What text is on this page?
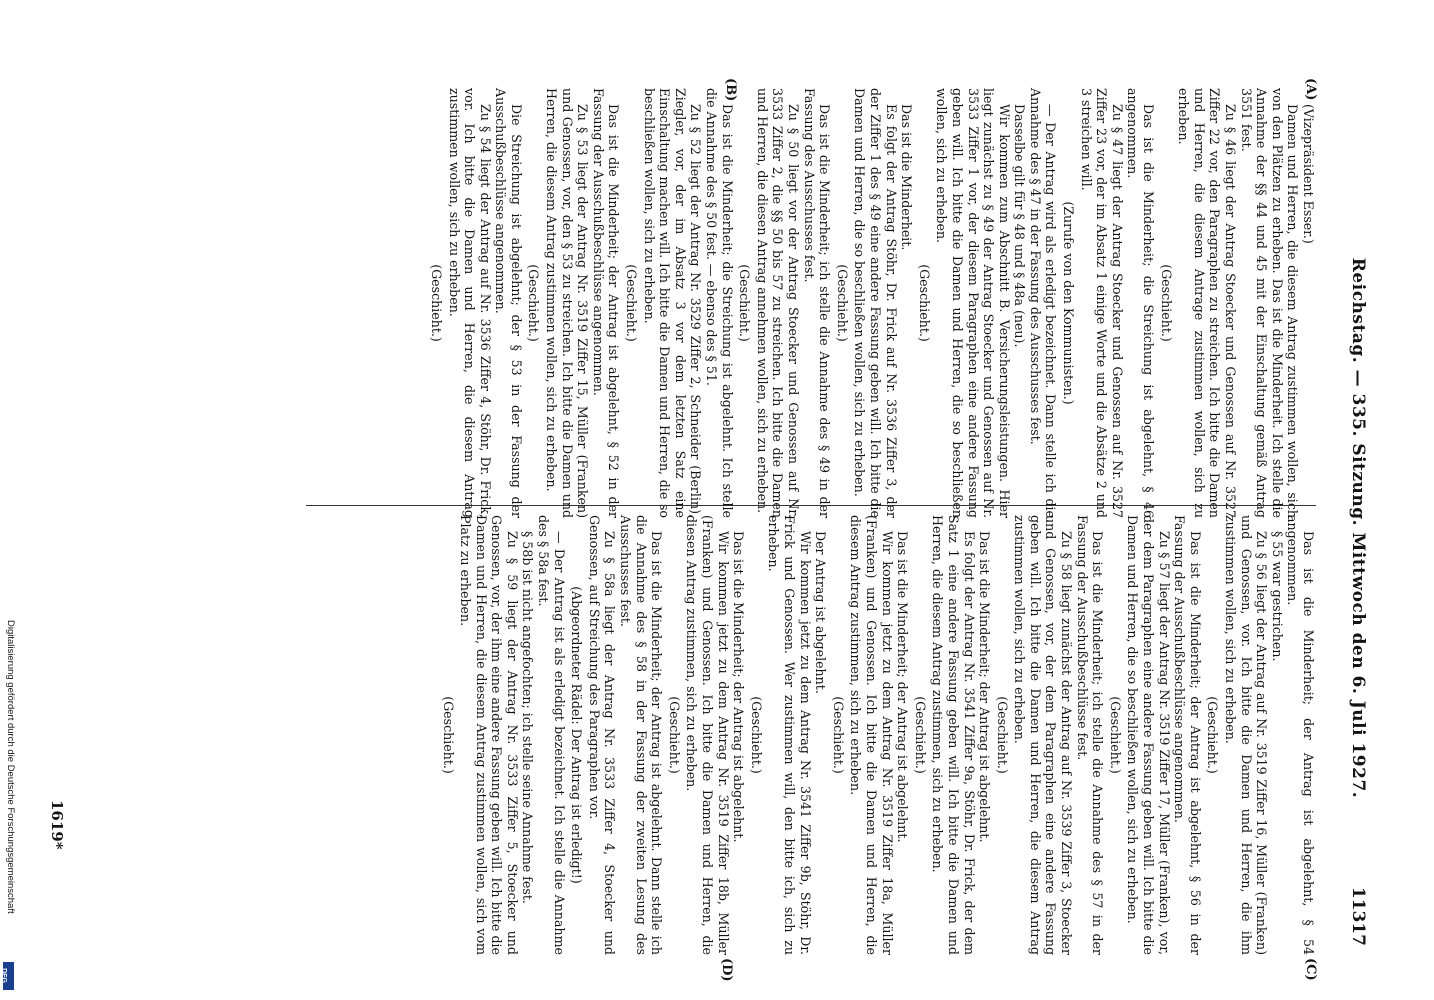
Digitalisierung gefördert durch die Deutsche Forschungsgemeinschaft
DFG
Reichstag. — 335. Sitzung. Mittwoch den 6. Juli 1927.
11317
(A)
(B)
(C)
(D)

(Vizepräsident Esser.)

Damen und Herren, die diesem Antrag zustimmen wollen, sich von den Plätzen zu erheben. Das ist die Minderheit. Ich stelle die Annahme der §§ 44 und 45 mit der Einschaltung gemäß Antrag 3551 fest.

Zu § 46 liegt der Antrag Stoecker und Genossen auf Nr. 3527 Ziffer 22 vor, den Paragraphen zu streichen. Ich bitte die Damen und Herren, die diesem Antrage zustimmen wollen, sich zu erheben.

(Geschieht.)

Das ist die Minderheit; die Streichung ist abgelehnt, § 46 angenommen.

Zu § 47 liegt der Antrag Stoecker und Genossen auf Nr. 3527 Ziffer 23 vor, der im Absatz 1 einige Worte und die Absätze 2 und 3 streichen will.

(Zurufe von den Kommunisten.)

— Der Antrag wird als erledigt bezeichnet. Dann stelle ich die Annahme des § 47 in der Fassung des Ausschusses fest.

Dasselbe gilt für § 48 und § 48a (neu).

Wir kommen zum Abschnitt B. Versicherungsleistungen. Hier liegt zunächst zu § 49 der Antrag Stoecker und Genossen auf Nr. 3533 Ziffer 1 vor, der diesem Paragraphen eine andere Fassung geben will. Ich bitte die Damen und Herren, die so beschließen wollen, sich zu erheben.

(Geschieht.)

Das ist die Minderheit.

Es folgt der Antrag Stöhr, Dr. Frick auf Nr. 3536 Ziffer 3, der der Ziffer 1 des § 49 eine andere Fassung geben will. Ich bitte die Damen und Herren, die so beschließen wollen, sich zu erheben.

(Geschieht.)

Das ist die Minderheit; ich stelle die Annahme des § 49 in der Fassung des Ausschusses fest.

Zu § 50 liegt vor der Antrag Stoecker und Genossen auf Nr. 3533 Ziffer 2, die §§ 50 bis 57 zu streichen. Ich bitte die Damen und Herren, die diesen Antrag annehmen wollen, sich zu erheben.

(Geschieht.)

Das ist die Minderheit; die Streichung ist abgelehnt. Ich stelle die Annahme des § 50 fest. — ebenso des § 51.

Zu § 52 liegt der Antrag Nr. 3529 Ziffer 2, Schneider (Berlin), Ziegler, vor, der im Absatz 3 vor dem letzten Satz eine Einschaltung machen will. Ich bitte die Damen und Herren, die so beschließen wollen, sich zu erheben.

(Geschieht.)

Das ist die Minderheit; der Antrag ist abgelehnt, § 52 in der Fassung der Ausschußbeschlüsse angenommen.

Zu § 53 liegt der Antrag Nr. 3519 Ziffer 15, Müller (Franken) und Genossen, vor, den § 53 zu streichen. Ich bitte die Damen und Herren, die diesem Antrag zustimmen wollen, sich zu erheben.

(Geschieht.)

Die Streichung ist abgelehnt; der § 53 in der Fassung der Ausschußbeschlüsse angenommen.

Zu § 54 liegt der Antrag auf Nr. 3536 Ziffer 4, Stöhr, Dr. Frick, vor. Ich bitte die Damen und Herren, die diesem Antrag zustimmen wollen, sich zu erheben.

(Geschieht.)

Das ist die Minderheit; der Antrag ist abgelehnt, § 54 angenommen.

§ 55 war gestrichen.

Zu § 56 liegt der Antrag auf Nr. 3519 Ziffer 16, Müller (Franken) und Genossen, vor. Ich bitte die Damen und Herren, die ihm zustimmen wollen, sich zu erheben.

(Geschieht.)

Das ist die Minderheit; der Antrag ist abgelehnt, § 56 in der Fassung der Ausschußbeschlüsse angenommen.

Zu § 57 liegt der Antrag Nr. 3519 Ziffer 17, Müller (Franken), vor, der dem Paragraphen eine andere Fassung geben will. Ich bitte die Damen und Herren, die so beschließen wollen, sich zu erheben.

(Geschieht.)

Das ist die Minderheit; ich stelle die Annahme des § 57 in der Fassung der Ausschußbeschlüsse fest.

Zu § 58 liegt zunächst der Antrag auf Nr. 3539 Ziffer 3, Stoecker und Genossen, vor, der dem Paragraphen eine andere Fassung geben will. Ich bitte die Damen und Herren, die diesem Antrag zustimmen wollen, sich zu erheben.

(Geschieht.)

Das ist die Minderheit; der Antrag ist abgelehnt.

Es folgt der Antrag Nr. 3541 Ziffer 9a, Stöhr, Dr. Frick, der dem Satz 1 eine andere Fassung geben will. Ich bitte die Damen und Herren, die diesem Antrag zustimmen, sich zu erheben.

(Geschieht.)

Das ist die Minderheit; der Antrag ist abgelehnt.

Wir kommen jetzt zu dem Antrag Nr. 3519 Ziffer 18a, Müller (Franken) und Genossen. Ich bitte die Damen und Herren, die diesem Antrag zustimmen, sich zu erheben.

(Geschieht.)

Der Antrag ist abgelehnt.

Wir kommen jetzt zu dem Antrag Nr. 3541 Ziffer 9b, Stöhr, Dr. Frick und Genossen. Wer zustimmen will, den bitte ich, sich zu erheben.

(Geschieht.)

Das ist die Minderheit; der Antrag ist abgelehnt.

Wir kommen jetzt zu dem Antrag Nr. 3519 Ziffer 18b, Müller (Franken) und Genossen. Ich bitte die Damen und Herren, die diesen Antrag zustimmen, sich zu erheben.

(Geschieht.)

Das ist die Minderheit; der Antrag ist abgelehnt. Dann stelle ich die Annahme des § 58 in der Fassung der zweiten Lesung des Ausschusses fest.

Zu § 58a liegt der Antrag Nr. 3533 Ziffer 4, Stoecker und Genossen, auf Streichung des Paragraphen vor.

(Abgeordneter Rädel: Der Antrag ist erledigt!)

— Der Antrag ist als erledigt bezeichnet. Ich stelle die Annahme des § 58a fest.

§ 58b ist nicht angefochten; ich stelle seine Annahme fest.

Zu § 59 liegt der Antrag Nr. 3533 Ziffer 5, Stoecker und Genossen, vor, der ihm eine andere Fassung geben will. Ich bitte die Damen und Herren, die diesem Antrag zustimmen wollen, sich vom Platz zu erheben.

(Geschieht.)

1619*
